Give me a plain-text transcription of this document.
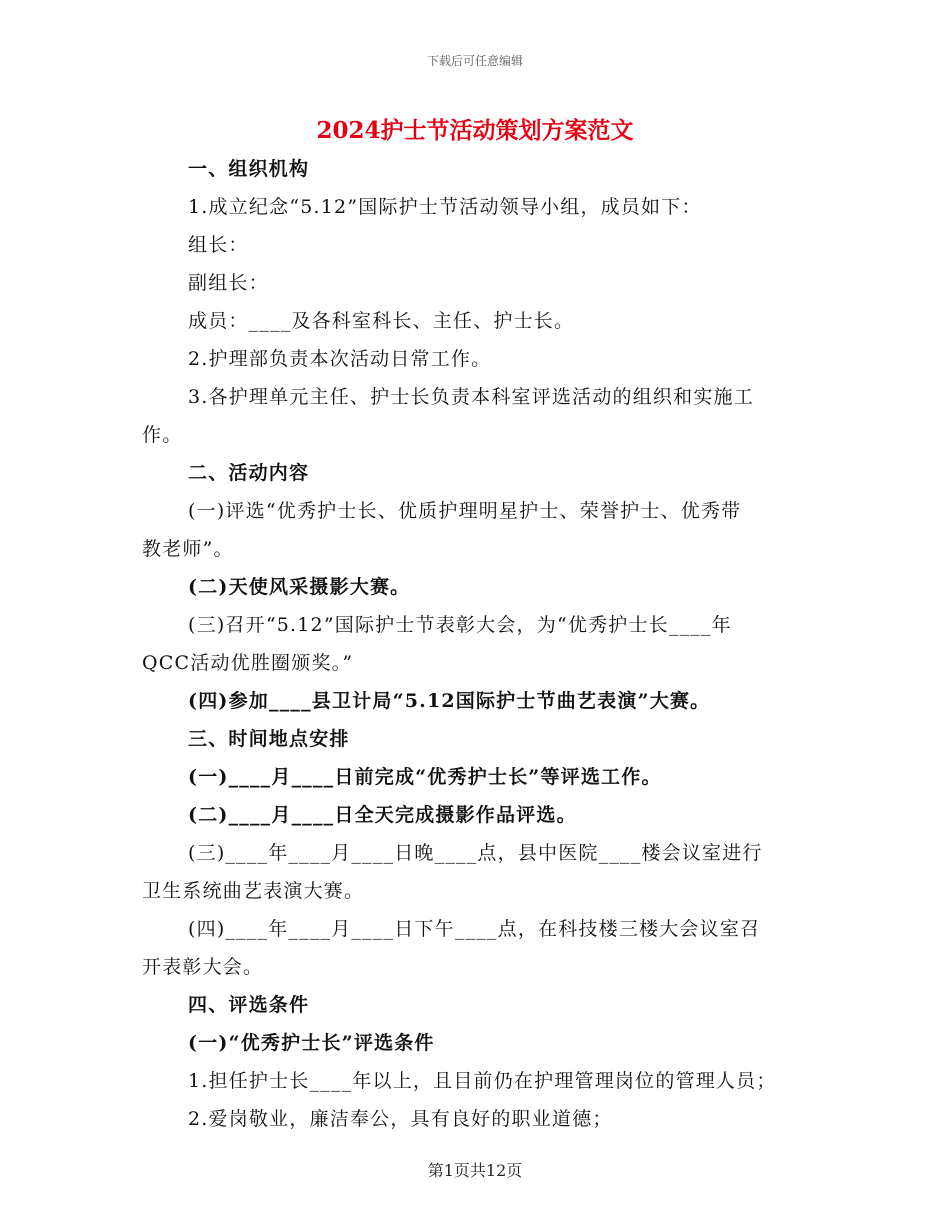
下载后可任意编辑
2024护士节活动策划方案范文
一、组织机构
1.成立纪念“5.12”国际护士节活动领导小组，成员如下：
组长：
副组长：
成员：____及各科室科长、主任、护士长。
2.护理部负责本次活动日常工作。
3.各护理单元主任、护士长负责本科室评选活动的组织和实施工
作。
二、活动内容
(一)评选“优秀护士长、优质护理明星护士、荣誉护士、优秀带
教老师”。
(二)天使风采摄影大赛。
(三)召开“5.12”国际护士节表彰大会，为“优秀护士长____年
QCC活动优胜圈颁奖。”
(四)参加____县卫计局“5.12国际护士节曲艺表演”大赛。
三、时间地点安排
(一)____月____日前完成“优秀护士长”等评选工作。
(二)____月____日全天完成摄影作品评选。
(三)____年____月____日晚____点，县中医院____楼会议室进行
卫生系统曲艺表演大赛。
(四)____年____月____日下午____点，在科技楼三楼大会议室召
开表彰大会。
四、评选条件
(一)“优秀护士长”评选条件
1.担任护士长____年以上，且目前仍在护理管理岗位的管理人员；
2.爱岗敬业，廉洁奉公，具有良好的职业道德；
第1页共12页
